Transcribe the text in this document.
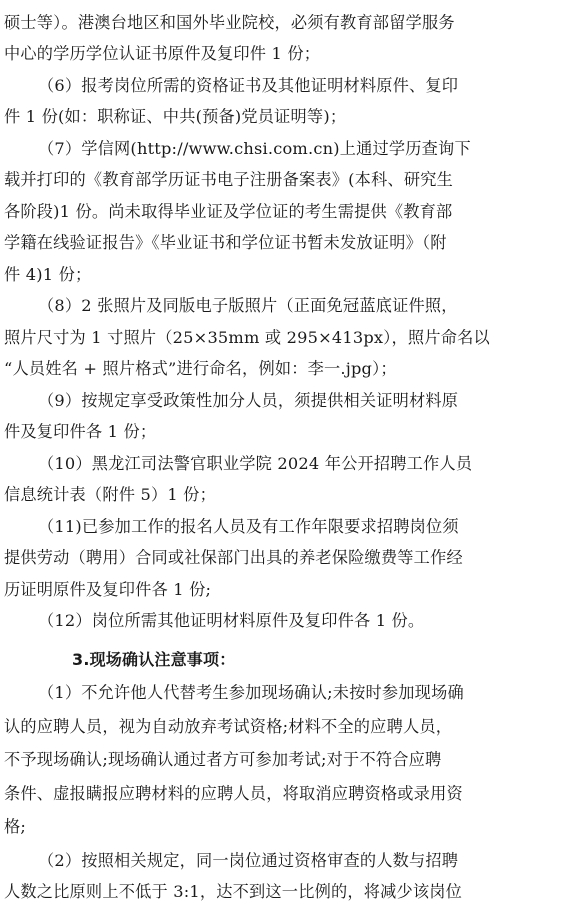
硕士等）。港澳台地区和国外毕业院校，必须有教育部留学服务
中心的学历学位认证书原件及复印件 1 份；
（6）报考岗位所需的资格证书及其他证明材料原件、复印
件 1 份(如：职称证、中共(预备)党员证明等)；
（7）学信网(http://www.chsi.com.cn)上通过学历查询下
载并打印的《教育部学历证书电子注册备案表》(本科、研究生
各阶段)1 份。尚未取得毕业证及学位证的考生需提供《教育部
学籍在线验证报告》《毕业证书和学位证书暂未发放证明》（附
件 4)1 份；
（8）2 张照片及同版电子版照片（正面免冠蓝底证件照，
照片尺寸为 1 寸照片（25×35mm 或 295×413px），照片命名以
“人员姓名 + 照片格式”进行命名，例如：李一.jpg）；
（9）按规定享受政策性加分人员，须提供相关证明材料原
件及复印件各 1 份；
（10）黑龙江司法警官职业学院 2024 年公开招聘工作人员
信息统计表（附件 5）1 份；
（11)已参加工作的报名人员及有工作年限要求招聘岗位须
提供劳动（聘用）合同或社保部门出具的养老保险缴费等工作经
历证明原件及复印件各 1 份;
（12）岗位所需其他证明材料原件及复印件各 1 份。
3.现场确认注意事项：
（1）不允许他人代替考生参加现场确认;未按时参加现场确
认的应聘人员，视为自动放弃考试资格;材料不全的应聘人员，
不予现场确认;现场确认通过者方可参加考试;对于不符合应聘
条件、虚报瞒报应聘材料的应聘人员，将取消应聘资格或录用资
格;
（2）按照相关规定，同一岗位通过资格审查的人数与招聘
人数之比原则上不低于 3:1，达不到这一比例的，将减少该岗位
